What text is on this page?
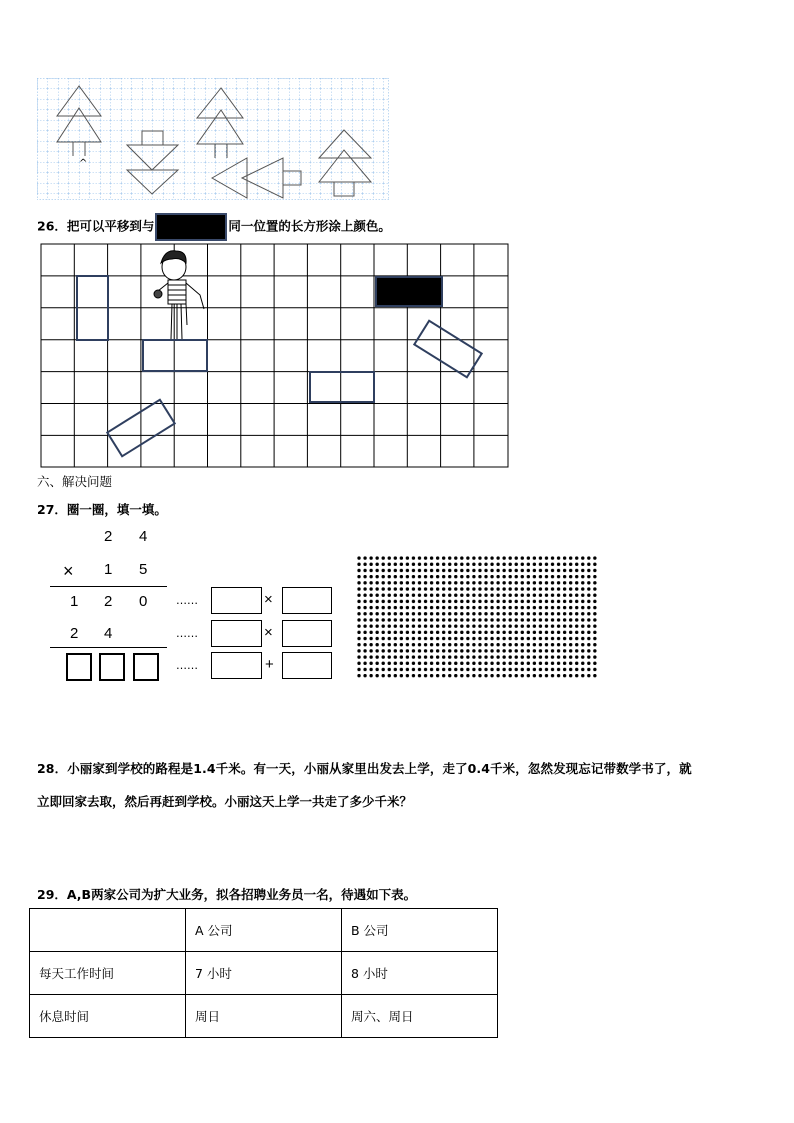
^
26．把可以平移到与	同一位置的长方形涂上颜色。
六、解决问题
27．圈一圈，填一填。
2 4
× 1 5
1 2 0
2 4
……	×
……	×
……	+
28．小丽家到学校的路程是1.4千米。有一天，小丽从家里出发去上学，走了0.4千米，忽然发现忘记带数学书了，就
立即回家去取，然后再赶到学校。小丽这天上学一共走了多少千米？
29．A,B两家公司为扩大业务，拟各招聘业务员一名，待遇如下表。
	A 公司	B 公司
每天工作时间	7 小时	8 小时
休息时间	周日	周六、周日
